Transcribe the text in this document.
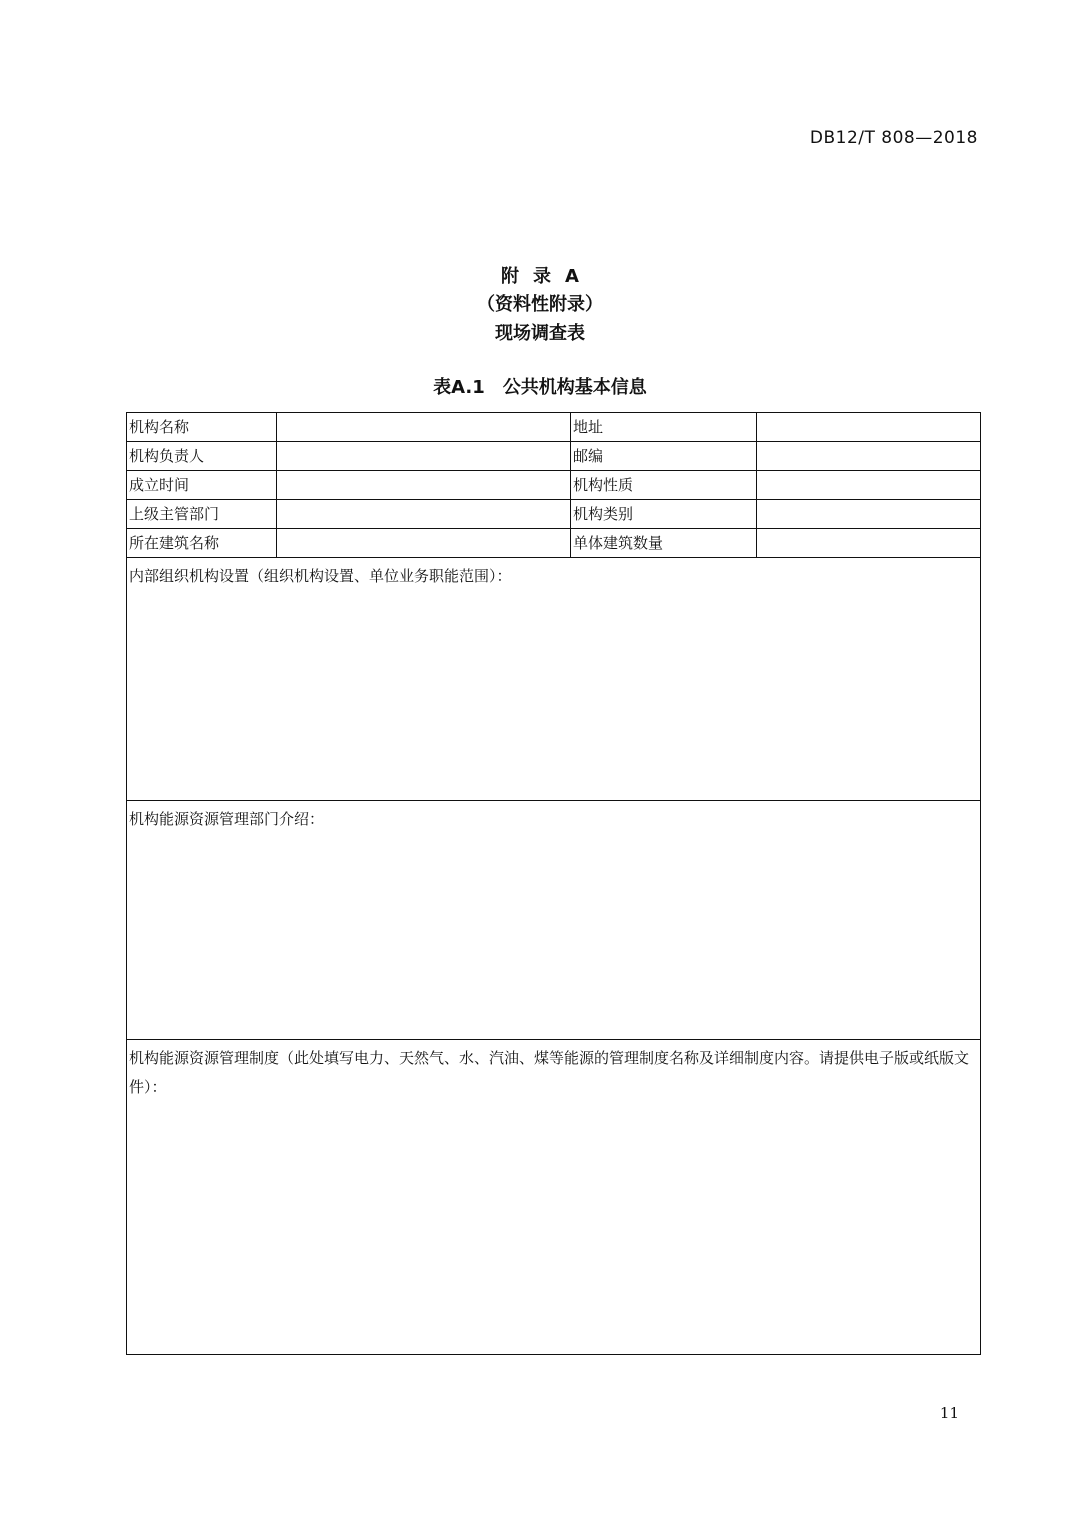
DB12/T 808—2018
附录A
（资料性附录）
现场调查表
表A.1　公共机构基本信息
机构名称		地址	
机构负责人		邮编	
成立时间		机构性质	
上级主管部门		机构类别	
所在建筑名称		单体建筑数量	
内部组织机构设置（组织机构设置、单位业务职能范围）：			
机构能源资源管理部门介绍：			
机构能源资源管理制度（此处填写电力、天然气、水、汽油、煤等能源的管理制度名称及详细制度内容。请提供电子版或纸版文件）：			
11
